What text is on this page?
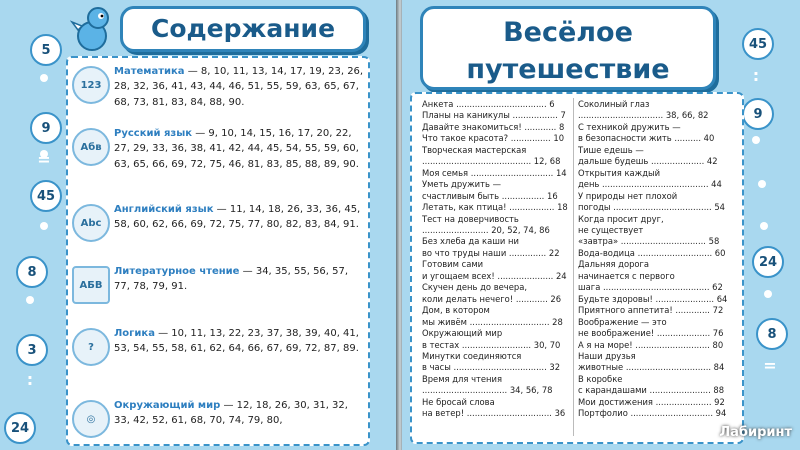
5
9
=
45
8
3
:
24
Содержание
123
Математика — 8, 10, 11, 13, 14, 17, 19, 23, 26, 28, 32, 36, 41, 43, 44, 46, 51, 55, 59, 63, 65, 67, 68, 73, 81, 83, 84, 88, 90.
Абв
Русский язык — 9, 10, 14, 15, 16, 17, 20, 22, 27, 29, 33, 36, 38, 41, 42, 44, 45, 54, 55, 59, 60, 63, 65, 66, 69, 72, 75, 46, 81, 83, 85, 88, 89, 90.
Abc
Английский язык — 11, 14, 18, 26, 33, 36, 45, 58, 60, 62, 66, 69, 72, 75, 77, 80, 82, 83, 84, 91.
АБВ
Литературное чтение — 34, 35, 55, 56, 57, 77, 78, 79, 91.
?
Логика — 10, 11, 13, 22, 23, 37, 38, 39, 40, 41, 53, 54, 55, 58, 61, 62, 64, 66, 67, 69, 72, 87, 89.
◎
Окружающий мир — 12, 18, 26, 30, 31, 32, 33, 42, 52, 61, 68, 70, 74, 79, 80,
Весёлое
путешествие
45
:
9
24
8
=
Анкета .................................. 6
Планы на каникулы ................. 7
Давайте знакомиться! ............ 8
Что такое красота? ............... 10
Творческая мастерская
......................................... 12, 68
Моя семья ............................... 14
Уметь дружить —
счастливым быть ................ 16
Летать, как птица! ................. 18
Тест на доверчивость
......................... 20, 52, 74, 86
Без хлеба да каши ни
во что труды наши .............. 22
Готовим сами
и угощаем всех! ..................... 24
Скучен день до вечера,
коли делать нечего! ............ 26
Дом, в котором
мы живём .............................. 28
Окружающий мир
в тестах .......................... 30, 70
Минутки соединяются
в часы ................................... 32
Время для чтения
................................ 34, 56, 78
Не бросай слова
на ветер! ................................ 36
Соколиный глаз
................................ 38, 66, 82
С техникой дружить —
в безопасности жить .......... 40
Тише едешь —
дальше будешь .................... 42
Открытия каждый
день ........................................ 44
У природы нет плохой
погоды ..................................... 54
Когда просит друг,
не существует
«завтра» ................................ 58
Вода-водица ............................ 60
Дальняя дорога
начинается с первого
шага ........................................ 62
Будьте здоровы! ...................... 64
Приятного аппетита! ............. 72
Воображение — это
не воображение! .................... 76
А я на море! ............................ 80
Наши друзья
животные ................................ 84
В коробке
с карандашами ....................... 88
Мои достижения ..................... 92
Портфолио ............................... 94
Лабиринт
